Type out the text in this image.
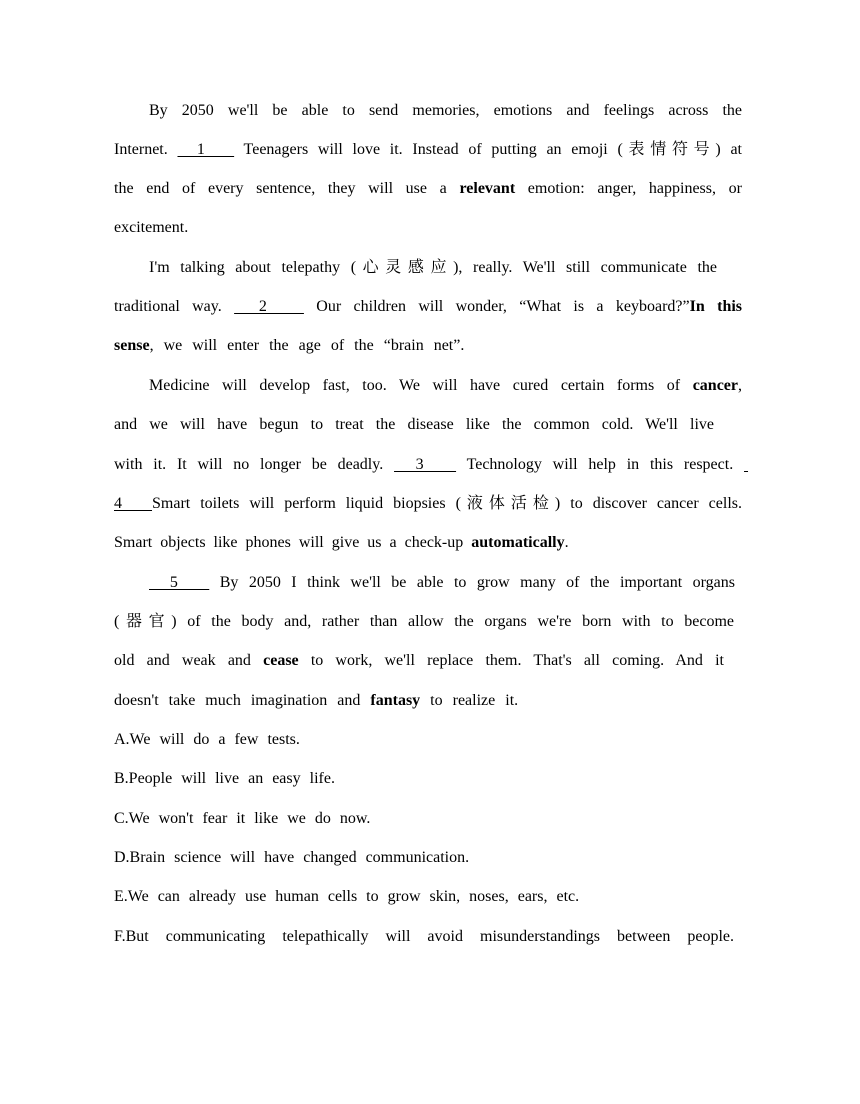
By 2050 we'll be able to send memories, emotions and feelings across the
Internet.   1    Teenagers will love it. Instead of putting an emoji (表情符号) at
the end of every sentence, they will use a relevant emotion: anger, happiness, or
excitement.
I'm talking about telepathy (心灵感应), really. We'll still communicate the
traditional way.   2    Our children will wonder, “What is a keyboard?”In this
sense, we will enter the age of the “brain net”.
Medicine will develop fast, too. We will have cured certain forms of cancer,
and we will have begun to treat the disease like the common cold. We'll live
with it. It will no longer be deadly.   3    Technology will help in this respect.
4   Smart toilets will perform liquid biopsies (液体活检) to discover cancer cells.
Smart objects like phones will give us a check-up automatically.
5    By 2050 I think we'll be able to grow many of the important organs
(器官) of the body and, rather than allow the organs we're born with to become
old and weak and cease to work, we'll replace them. That's all coming. And it
doesn't take much imagination and fantasy to realize it.
A.We will do a few tests.
B.People will live an easy life.
C.We won't fear it like we do now.
D.Brain science will have changed communication.
E.We can already use human cells to grow skin, noses, ears, etc.
F.But communicating telepathically will avoid misunderstandings between people.
